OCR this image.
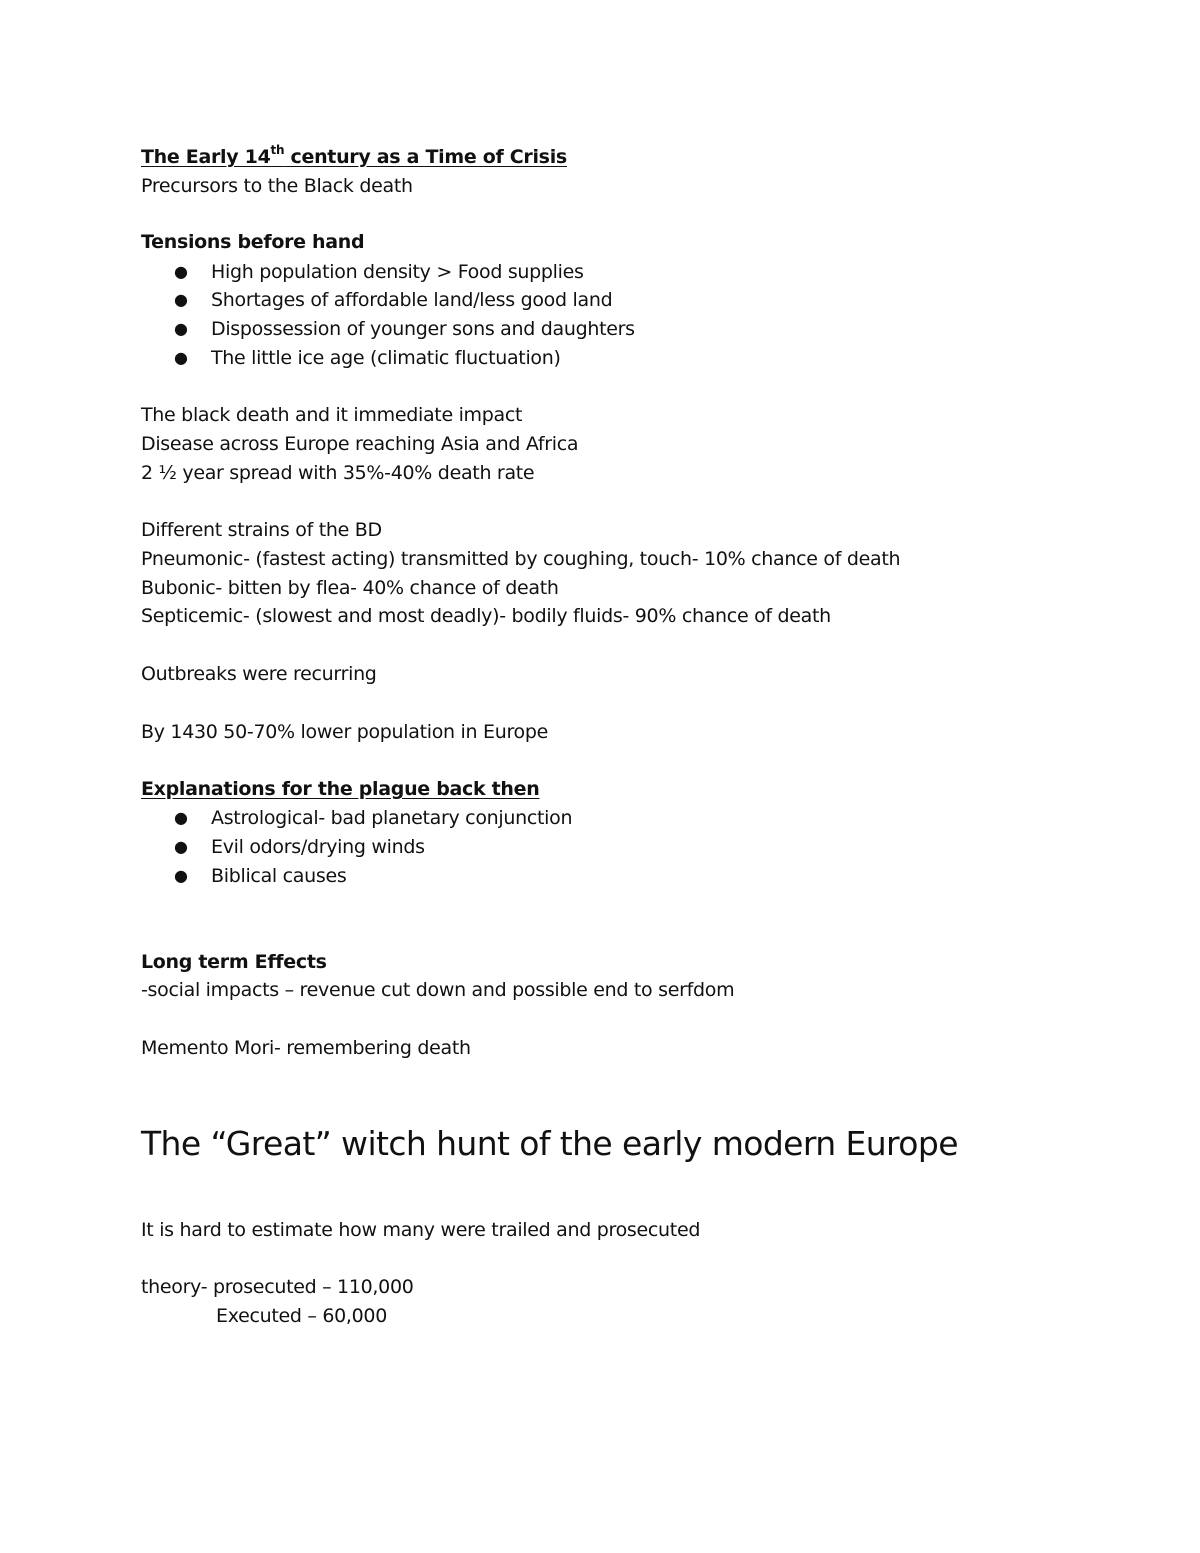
The Early 14th century as a Time of Crisis
Precursors to the Black death
Tensions before hand
● High population density > Food supplies
● Shortages of affordable land/less good land
● Dispossession of younger sons and daughters
● The little ice age (climatic fluctuation)
The black death and it immediate impact
Disease across Europe reaching Asia and Africa
2 ½ year spread with 35%-40% death rate
Different strains of the BD
Pneumonic- (fastest acting) transmitted by coughing, touch- 10% chance of death
Bubonic- bitten by flea- 40% chance of death
Septicemic- (slowest and most deadly)- bodily fluids- 90% chance of death
Outbreaks were recurring
By 1430 50-70% lower population in Europe
Explanations for the plague back then
● Astrological- bad planetary conjunction
● Evil odors/drying winds
● Biblical causes
Long term Effects
-social impacts – revenue cut down and possible end to serfdom
Memento Mori- remembering death
The “Great” witch hunt of the early modern Europe
It is hard to estimate how many were trailed and prosecuted
theory- prosecuted – 110,000
Executed – 60,000
